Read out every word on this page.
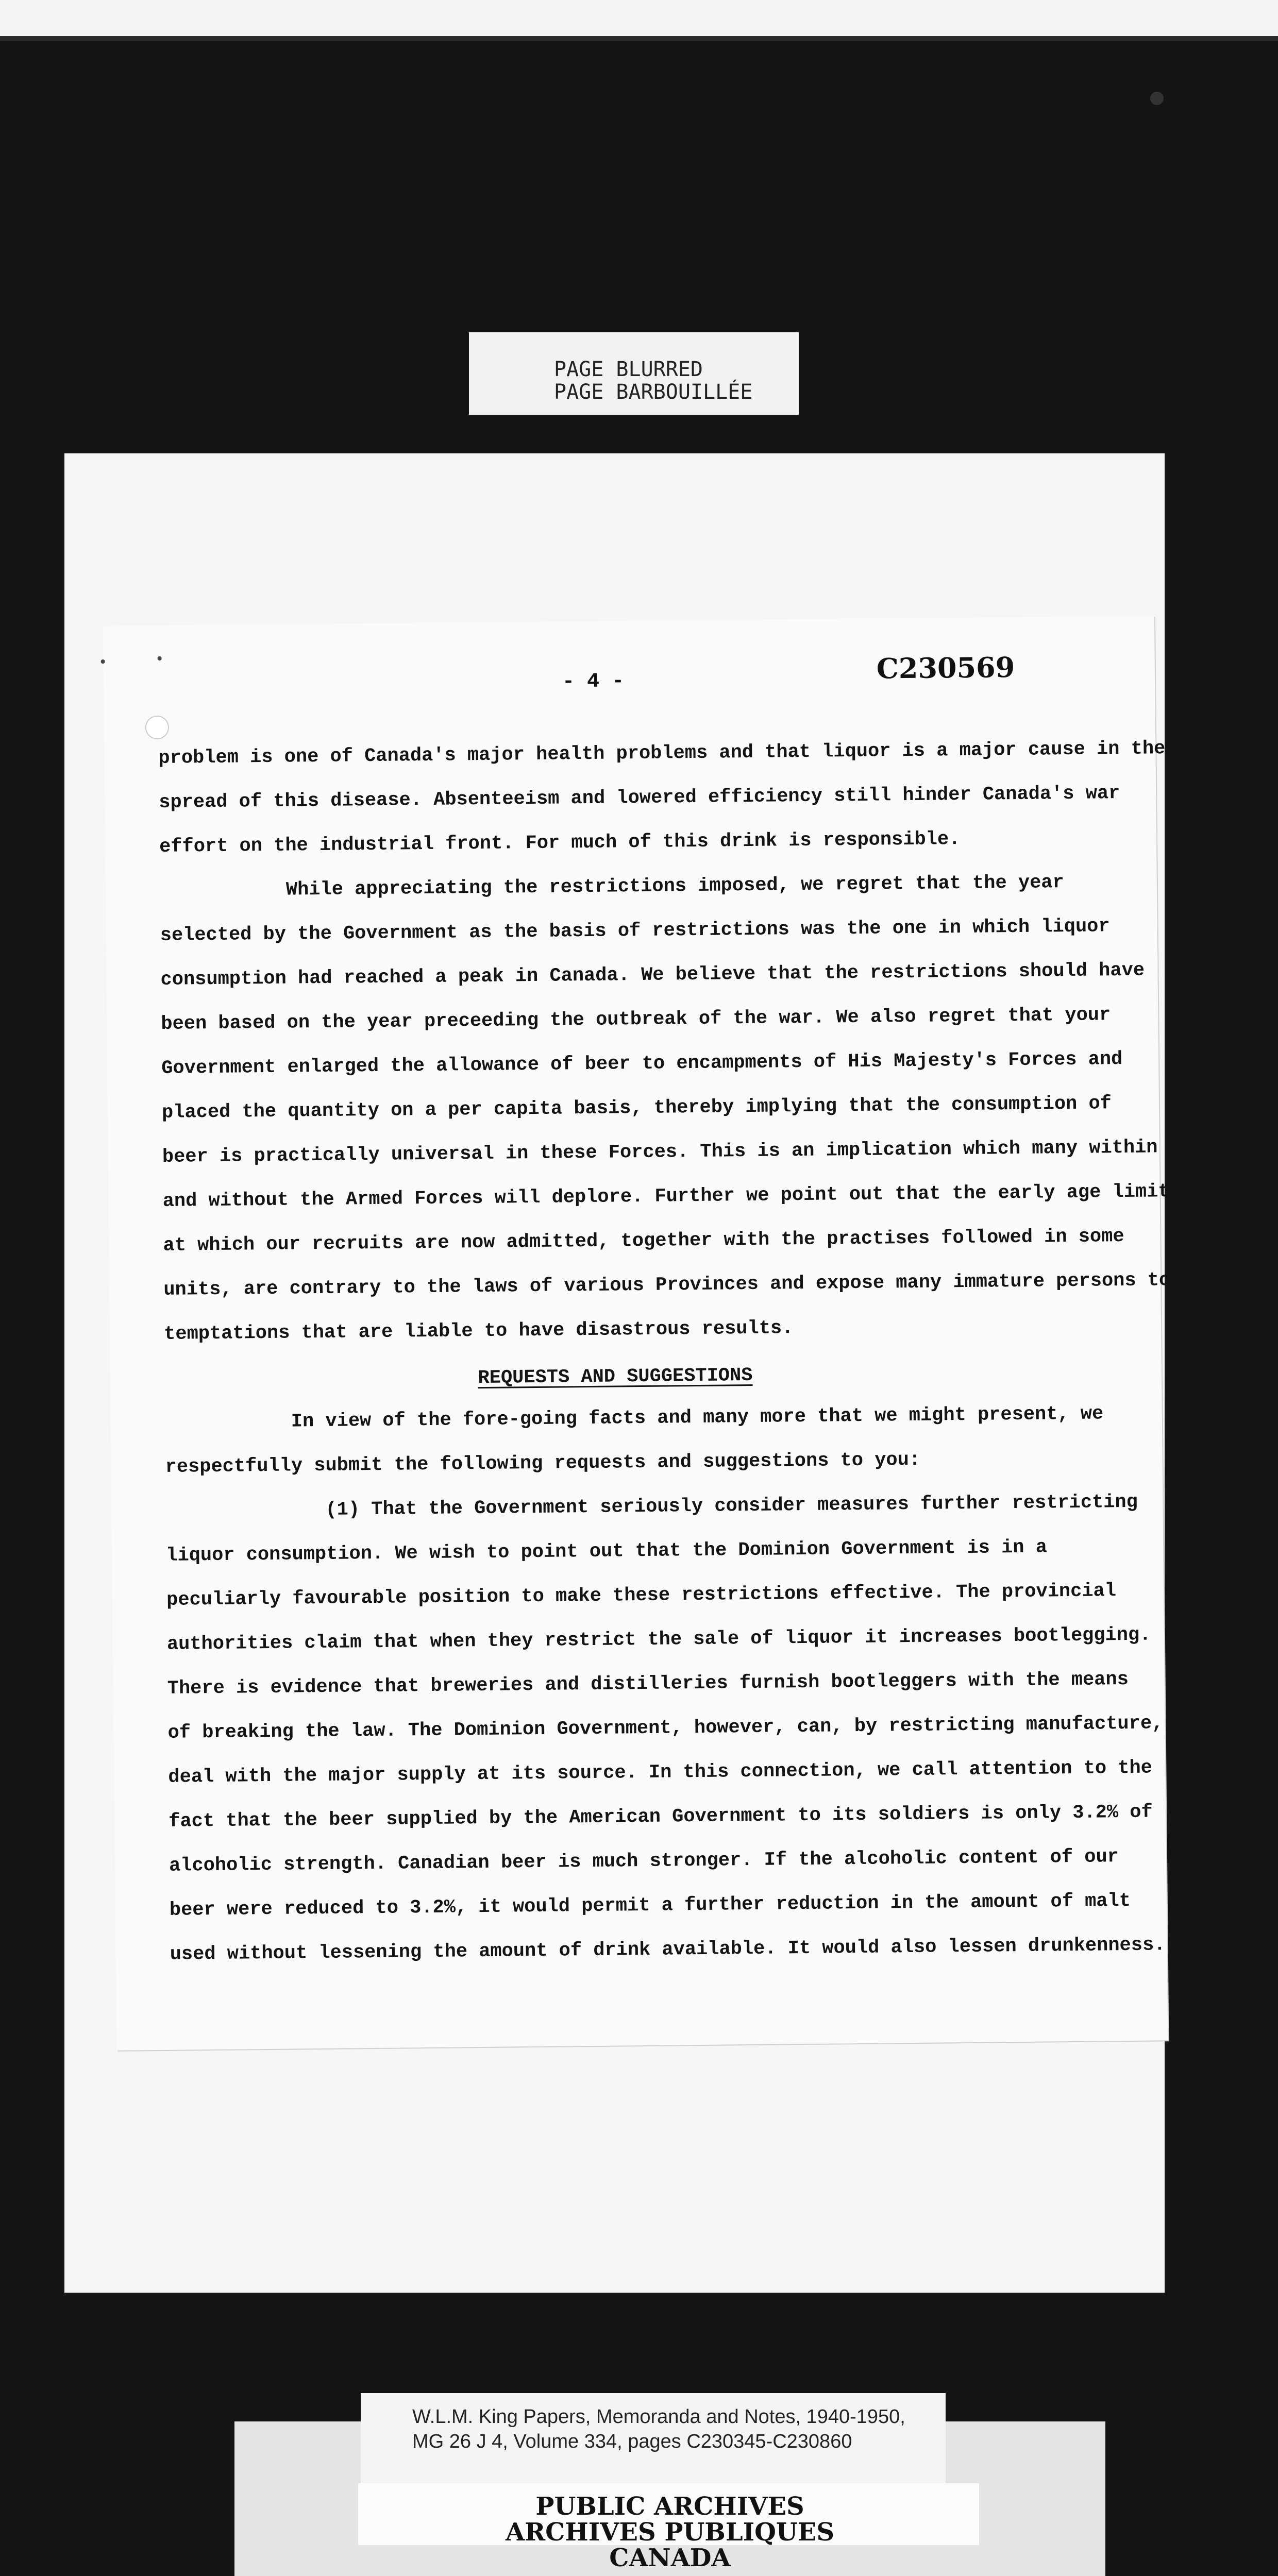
PAGE BLURRED
PAGE BARBOUILLÉE
•	•
- 4 -	C230569
problem is one of Canada's major health problems and that liquor is a major cause in the
spread of this disease. Absenteeism and lowered efficiency still hinder Canada's war
effort on the industrial front. For much of this drink is responsible.
While appreciating the restrictions imposed, we regret that the year
selected by the Government as the basis of restrictions was the one in which liquor
consumption had reached a peak in Canada. We believe that the restrictions should have
been based on the year preceeding the outbreak of the war. We also regret that your
Government enlarged the allowance of beer to encampments of His Majesty's Forces and
placed the quantity on a per capita basis, thereby implying that the consumption of
beer is practically universal in these Forces. This is an implication which many within
and without the Armed Forces will deplore. Further we point out that the early age limit
at which our recruits are now admitted, together with the practises followed in some
units, are contrary to the laws of various Provinces and expose many immature persons to
temptations that are liable to have disastrous results.
REQUESTS AND SUGGESTIONS
In view of the fore-going facts and many more that we might present, we
respectfully submit the following requests and suggestions to you:
(1) That the Government seriously consider measures further restricting
liquor consumption. We wish to point out that the Dominion Government is in a
peculiarly favourable position to make these restrictions effective. The provincial
authorities claim that when they restrict the sale of liquor it increases bootlegging.
There is evidence that breweries and distilleries furnish bootleggers with the means
of breaking the law. The Dominion Government, however, can, by restricting manufacture,
deal with the major supply at its source. In this connection, we call attention to the
fact that the beer supplied by the American Government to its soldiers is only 3.2% of
alcoholic strength. Canadian beer is much stronger. If the alcoholic content of our
beer were reduced to 3.2%, it would permit a further reduction in the amount of malt
used without lessening the amount of drink available. It would also lessen drunkenness.
W.L.M. King Papers, Memoranda and Notes, 1940-1950,
MG 26 J 4, Volume 334, pages C230345-C230860
PUBLIC ARCHIVES
ARCHIVES PUBLIQUES
CANADA
